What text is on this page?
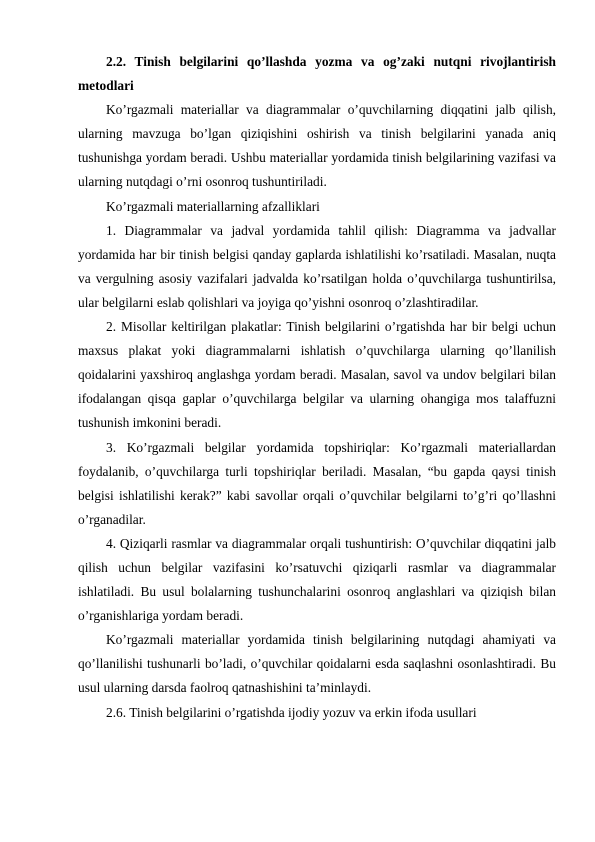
2.2. Tinish belgilarini qo’llashda yozma va og’zaki nutqni rivojlantirish metodlari

Ko’rgazmali materiallar va diagrammalar o’quvchilarning diqqatini jalb qilish, ularning mavzuga bo’lgan qiziqishini oshirish va tinish belgilarini yanada aniq tushunishga yordam beradi. Ushbu materiallar yordamida tinish belgilarining vazifasi va ularning nutqdagi o’rni osonroq tushuntiriladi.

Ko’rgazmali materiallarning afzalliklari

1. Diagrammalar va jadval yordamida tahlil qilish: Diagramma va jadvallar yordamida har bir tinish belgisi qanday gaplarda ishlatilishi ko’rsatiladi. Masalan, nuqta va vergulning asosiy vazifalari jadvalda ko’rsatilgan holda o’quvchilarga tushuntirilsa, ular belgilarni eslab qolishlari va joyiga qo’yishni osonroq o’zlashtiradilar.

2. Misollar keltirilgan plakatlar: Tinish belgilarini o’rgatishda har bir belgi uchun maxsus plakat yoki diagrammalarni ishlatish o’quvchilarga ularning qo’llanilish qoidalarini yaxshiroq anglashga yordam beradi. Masalan, savol va undov belgilari bilan ifodalangan qisqa gaplar o’quvchilarga belgilar va ularning ohangiga mos talaffuzni tushunish imkonini beradi.

3. Ko’rgazmali belgilar yordamida topshiriqlar: Ko’rgazmali materiallardan foydalanib, o’quvchilarga turli topshiriqlar beriladi. Masalan, “bu gapda qaysi tinish belgisi ishlatilishi kerak?” kabi savollar orqali o’quvchilar belgilarni to’g’ri qo’llashni o’rganadilar.

4. Qiziqarli rasmlar va diagrammalar orqali tushuntirish: O’quvchilar diqqatini jalb qilish uchun belgilar vazifasini ko’rsatuvchi qiziqarli rasmlar va diagrammalar ishlatiladi. Bu usul bolalarning tushunchalarini osonroq anglashlari va qiziqish bilan o’rganishlariga yordam beradi.

Ko’rgazmali materiallar yordamida tinish belgilarining nutqdagi ahamiyati va qo’llanilishi tushunarli bo’ladi, o’quvchilar qoidalarni esda saqlashni osonlashtiradi. Bu usul ularning darsda faolroq qatnashishini ta’minlaydi.

2.6. Tinish belgilarini o’rgatishda ijodiy yozuv va erkin ifoda usullari
